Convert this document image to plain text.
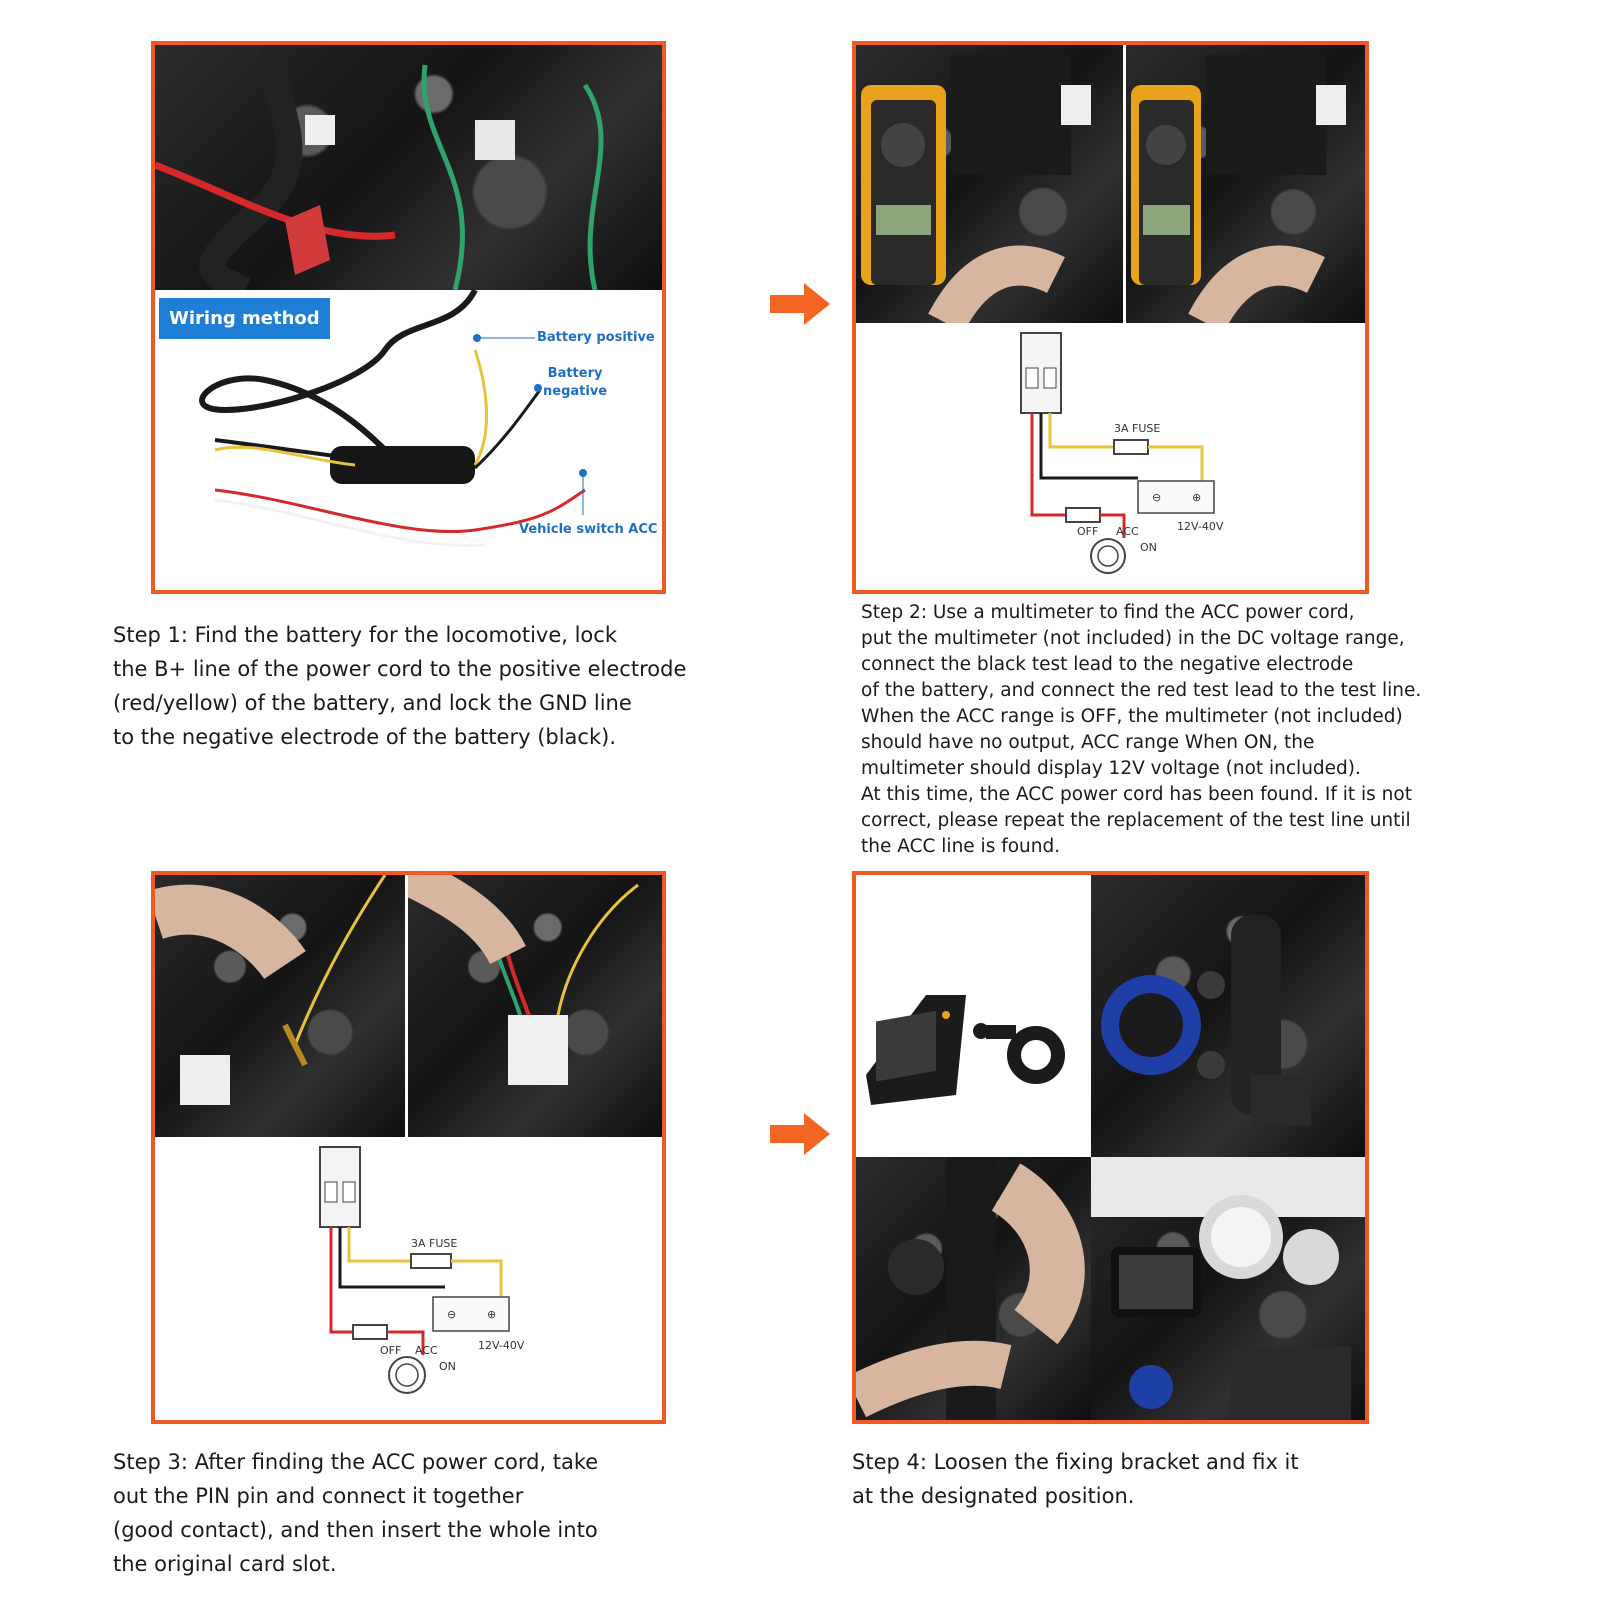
Wiring method
Battery positive
Battery
negative
Vehicle switch ACC

Step 1: Find the battery for the locomotive, lock
the B+ line of the power cord to the positive electrode
(red/yellow) of the battery, and lock the GND line
to the negative electrode of the battery (black).

3A FUSE
12V-40V
OFF ACC
ON
⊖	⊕

Step 2: Use a multimeter to find the ACC power cord,
put the multimeter (not included) in the DC voltage range,
connect the black test lead to the negative electrode
of the battery, and connect the red test lead to the test line.
When the ACC range is OFF, the multimeter (not included)
should have no output, ACC range When ON, the
multimeter should display 12V voltage (not included).
At this time, the ACC power cord has been found. If it is not
correct, please repeat the replacement of the test line until
the ACC line is found.

3A FUSE
12V-40V
OFF ACC
ON
⊖	⊕

Step 3: After finding the ACC power cord, take
out the PIN pin and connect it together
(good contact), and then insert the whole into
the original card slot.

Step 4: Loosen the fixing bracket and fix it
at the designated position.
